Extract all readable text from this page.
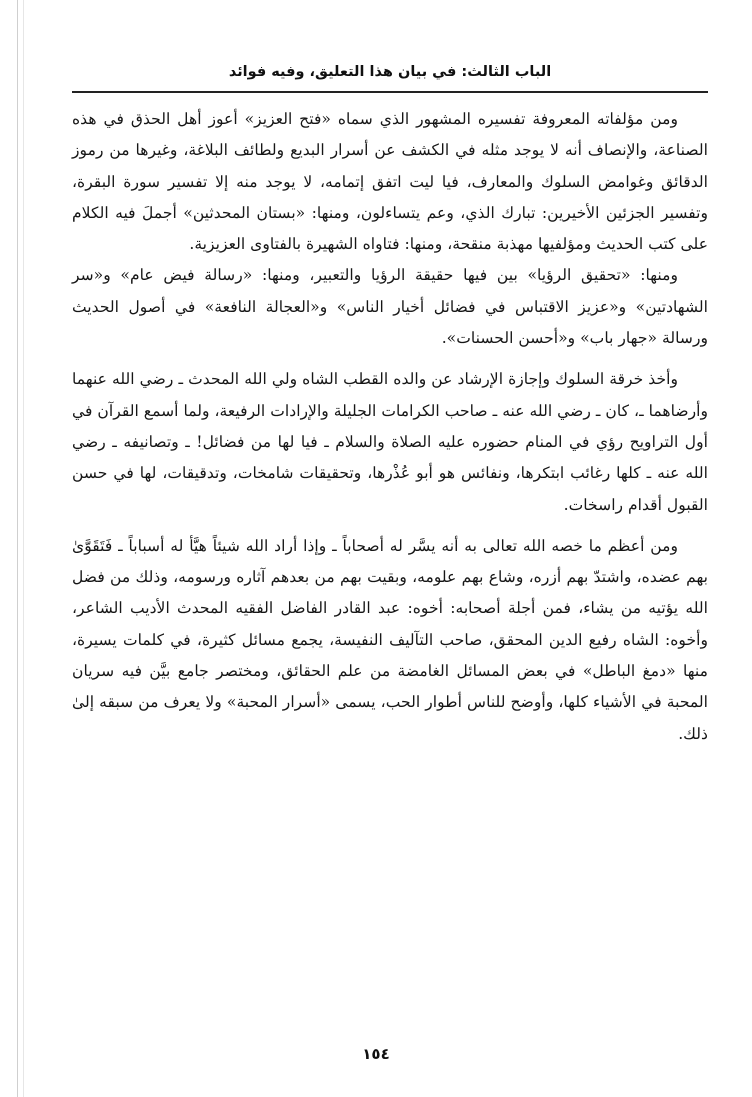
الباب الثالث: في بيان هذا التعليق، وفيه فوائد

ومن مؤلفاته المعروفة تفسيره المشهور الذي سماه «فتح العزيز» أعوز أهل الحذق في هذه الصناعة، والإنصاف أنه لا يوجد مثله في الكشف عن أسرار البديع ولطائف البلاغة، وغيرها من رموز الدقائق وغوامض السلوك والمعارف، فيا ليت اتفق إتمامه، لا يوجد منه إلا تفسير سورة البقرة، وتفسير الجزئين الأخيرين: تبارك الذي، وعم يتساءلون، ومنها: «بستان المحدثين» أجملَ فيه الكلام على كتب الحديث ومؤلفيها مهذبة منقحة، ومنها: فتاواه الشهيرة بالفتاوى العزيزية.

ومنها: «تحقيق الرؤيا» بين فيها حقيقة الرؤيا والتعبير، ومنها: «رسالة فيض عام» و«سر الشهادتين» و«عزيز الاقتباس في فضائل أخيار الناس» و«العجالة النافعة» في أصول الحديث ورسالة «جهار باب» و«أحسن الحسنات».

وأخذ خرقة السلوك وإجازة الإرشاد عن والده القطب الشاه ولي الله المحدث ـ رضي الله عنهما وأرضاهما ـ، كان ـ رضي الله عنه ـ صاحب الكرامات الجليلة والإرادات الرفيعة، ولما أسمع القرآن في أول التراويح رؤي في المنام حضوره عليه الصلاة والسلام ـ فيا لها من فضائل! ـ وتصانيفه ـ رضي الله عنه ـ كلها رغائب ابتكرها، ونفائس هو أبو عُذْرها، وتحقيقات شامخات، وتدقيقات، لها في حسن القبول أقدام راسخات.

ومن أعظم ما خصه الله تعالى به أنه يسَّر له أصحاباً ـ وإذا أراد الله شيئاً هيَّأ له أسباباً ـ فَتَقَوَّىٰ بهم عضده، واشتدّ بهم أزره، وشاع بهم علومه، وبقيت بهم من بعدهم آثاره ورسومه، وذلك من فضل الله يؤتيه من يشاء، فمن أجلة أصحابه: أخوه: عبد القادر الفاضل الفقيه المحدث الأديب الشاعر، وأخوه: الشاه رفيع الدين المحقق، صاحب التآليف النفيسة، يجمع مسائل كثيرة، في كلمات يسيرة، منها «دمغ الباطل» في بعض المسائل الغامضة من علم الحقائق، ومختصر جامع بيَّن فيه سريان المحبة في الأشياء كلها، وأوضح للناس أطوار الحب، يسمى «أسرار المحبة» ولا يعرف من سبقه إلىٰ ذلك.

١٥٤
